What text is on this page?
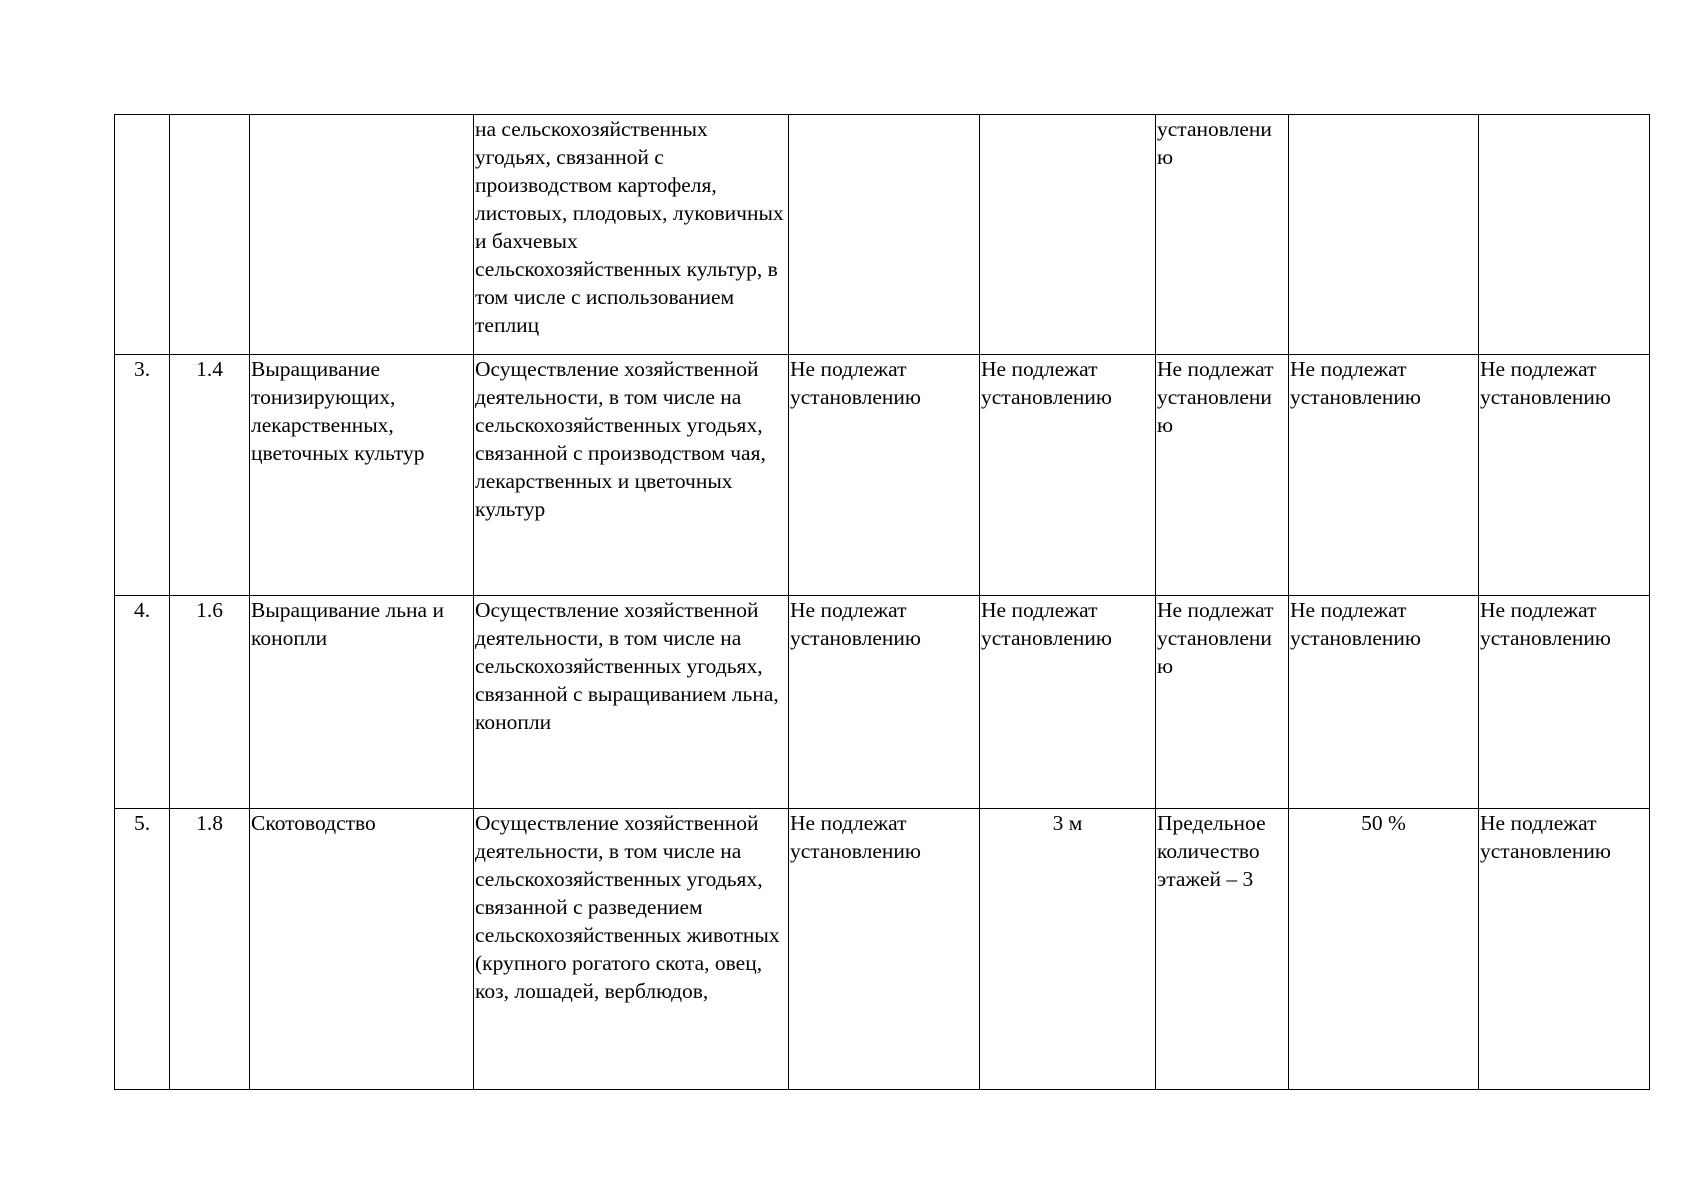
			на сельскохозяйственных угодьях, связанной с производством картофеля, листовых, плодовых, луковичных и бахчевых сельскохозяйственных культур, в том числе с использованием теплиц			установлени ю		

3.	1.4	Выращивание тонизирующих, лекарственных, цветочных культур	Осуществление хозяйственной деятельности, в том числе на сельскохозяйственных угодьях, связанной с производством чая, лекарственных и цветочных культур	Не подлежат установлению	Не подлежат установлению	Не подлежат установлени ю	Не подлежат установлению	Не подлежат установлению

4.	1.6	Выращивание льна и конопли	Осуществление хозяйственной деятельности, в том числе на сельскохозяйственных угодьях, связанной с выращиванием льна, конопли	Не подлежат установлению	Не подлежат установлению	Не подлежат установлени ю	Не подлежат установлению	Не подлежат установлению

5.	1.8	Скотоводство	Осуществление хозяйственной деятельности, в том числе на сельскохозяйственных угодьях, связанной с разведением сельскохозяйственных животных (крупного рогатого скота, овец, коз, лошадей, верблюдов,	Не подлежат установлению	3 м	Предельное количество этажей – 3	50 %	Не подлежат установлению
